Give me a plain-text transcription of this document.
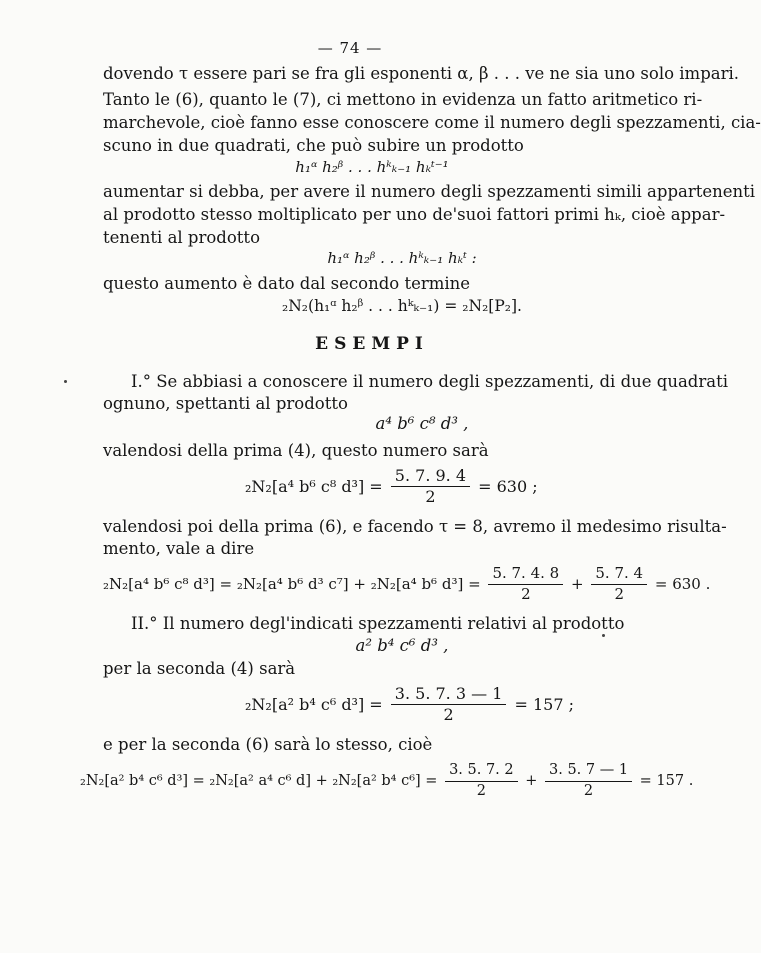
— 74 —
dovendo τ essere pari se fra gli esponenti α, β . . . ve ne sia uno solo impari.
Tanto le (6), quanto le (7), ci mettono in evidenza un fatto aritmetico ri-
marchevole, cioè fanno esse conoscere come il numero degli spezzamenti, cia-
scuno in due quadrati, che può subire un prodotto
h₁ᵅ h₂ᵝ . . . hᵏₖ₋₁ hₖᵗ⁻¹
aumentar si debba, per avere il numero degli spezzamenti simili appartenenti
al prodotto stesso moltiplicato per uno de'suoi fattori primi hₖ, cioè appar-
tenenti al prodotto
h₁ᵅ h₂ᵝ . . . hᵏₖ₋₁ hₖᵗ :
questo aumento è dato dal secondo termine
₂N₂(h₁ᵅ h₂ᵝ . . . hᵏₖ₋₁) = ₂N₂[P₂].
ESEMPI
I.° Se abbiasi a conoscere il numero degli spezzamenti, di due quadrati
ognuno, spettanti al prodotto
a⁴ b⁶ c⁸ d³ ,
valendosi della prima (4), questo numero sarà
₂N₂[a⁴ b⁶ c⁸ $d^3] = \frac{5. 7. 9. 4}{2} = 630$ ;
valendosi poi della prima (6), e facendo τ = 8, avremo il medesimo risulta-
mento, vale a dire
₂N₂[a⁴ b⁶ c⁸ d³] = ₂N₂[a⁴ b⁶ d³ c⁷] + ₂N₂[a⁴ b⁶ $d^3] = \frac{5. 7. 4. 8}{2} + \frac{5. 7. 4}{2} = 630$ .
II.° Il numero degl'indicati spezzamenti relativi al prodotto
a² b⁴ c⁶ d³ ,
per la seconda (4) sarà
₂N₂[a² b⁴ c⁶ $d^3] = \frac{3. 5. 7. 3 — 1}{2} = 157$ ;
e per la seconda (6) sarà lo stesso, cioè
₂N₂[a² b⁴ c⁶ d³] = ₂N₂[a² a⁴ c⁶ d] + ₂N₂[a² b⁴ $c^6] = \frac{3. 5. 7. 2}{2} + \frac{3. 5. 7 — 1}{2} = 157$ .
